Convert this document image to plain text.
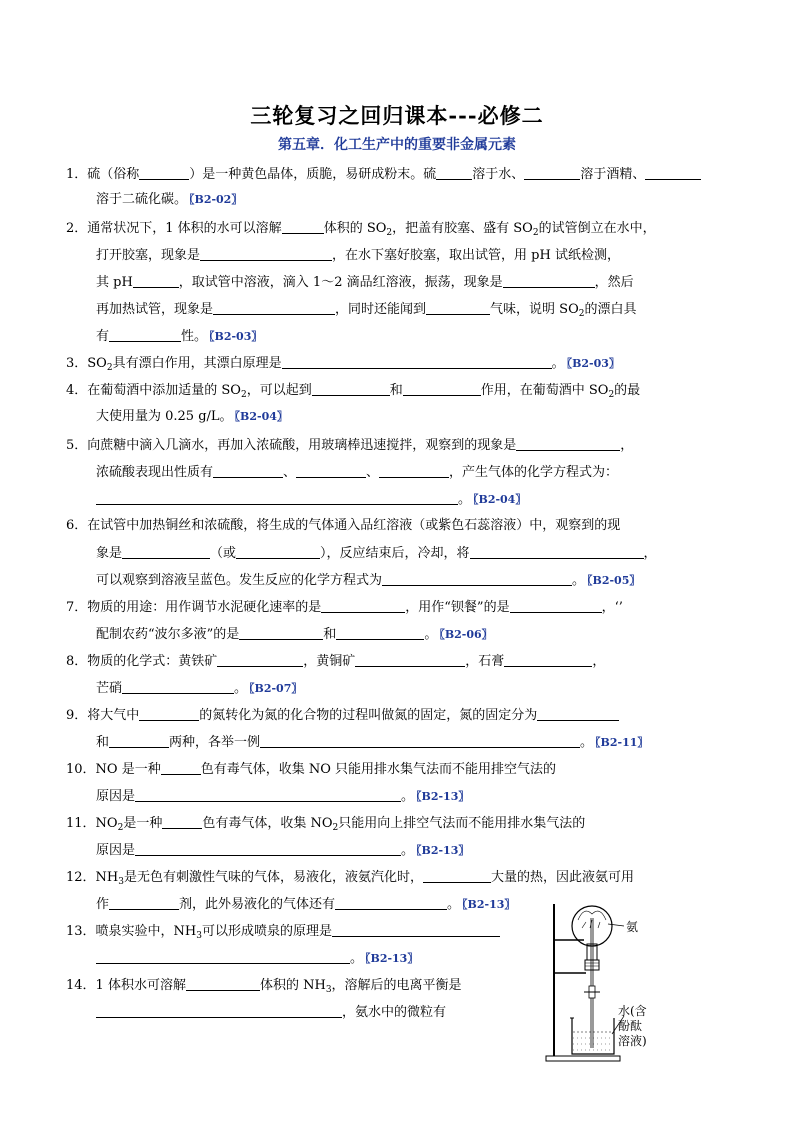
三轮复习之回归课本---必修二
第五章．化工生产中的重要非金属元素
1．硫（俗称	）是一种黄色晶体，质脆，易研成粉末。硫	溶于水、	溶于酒精、
溶于二硫化碳。 〖B2-02〗
2．通常状况下，1 体积的水可以溶解	体积的 $SO_2$，把盖有胶塞、盛有 $SO_2$的试管倒立在水中，
打开胶塞，现象是	，在水下塞好胶塞，取出试管，用 pH 试纸检测，
其 pH	，取试管中溶液，滴入 1～2 滴品红溶液，振荡，现象是	，然后
再加热试管，现象是	，同时还能闻到	气味，说明 $SO_2$的漂白具
有	性。 〖B2-03〗
3．$SO_2$具有漂白作用，其漂白原理是	。 〖B2-03〗
4．在葡萄酒中添加适量的 $SO_2$，可以起到	和	作用，在葡萄酒中 $SO_2$的最
大使用量为 0.25 g/L。 〖B2-04〗
5．向蔗糖中滴入几滴水，再加入浓硫酸，用玻璃棒迅速搅拌，观察到的现象是	，
浓硫酸表现出性质有	、	、	，产生气体的化学方程式为：
。 〖B2-04〗
6．在试管中加热铜丝和浓硫酸，将生成的气体通入品红溶液（或紫色石蕊溶液）中，观察到的现
象是	（或	），反应结束后，冷却，将	，
可以观察到溶液呈蓝色。发生反应的化学方程式为	。 〖B2-05〗
7．物质的用途：用作调节水泥硬化速率的是	，用作“钡餐”的是	，‘’
配制农药“波尔多液”的是	和	。 〖B2-06〗
8．物质的化学式：黄铁矿	，黄铜矿	，石膏	，
芒硝	。 〖B2-07〗
9．将大气中	的氮转化为氮的化合物的过程叫做氮的固定，氮的固定分为
和	两种，各举一例	。 〖B2-11〗
10．NO 是一种	色有毒气体，收集 NO 只能用排水集气法而不能用排空气法的
原因是	。 〖B2-13〗
11．$NO_2$是一种	色有毒气体，收集 $NO_2$只能用向上排空气法而不能用排水集气法的
原因是	。 〖B2-13〗
12．$NH_3$是无色有刺激性气味的气体，易液化，液氨汽化时，	大量的热，因此液氨可用
作	剂，此外易液化的气体还有	。 〖B2-13〗
13．喷泉实验中，$NH_3$可以形成喷泉的原理是
。 〖B2-13〗
14．1 体积水可溶解	体积的 $NH_3$，溶解后的电离平衡是
，氨水中的微粒有
氨
水(含
酚酞
溶液)
